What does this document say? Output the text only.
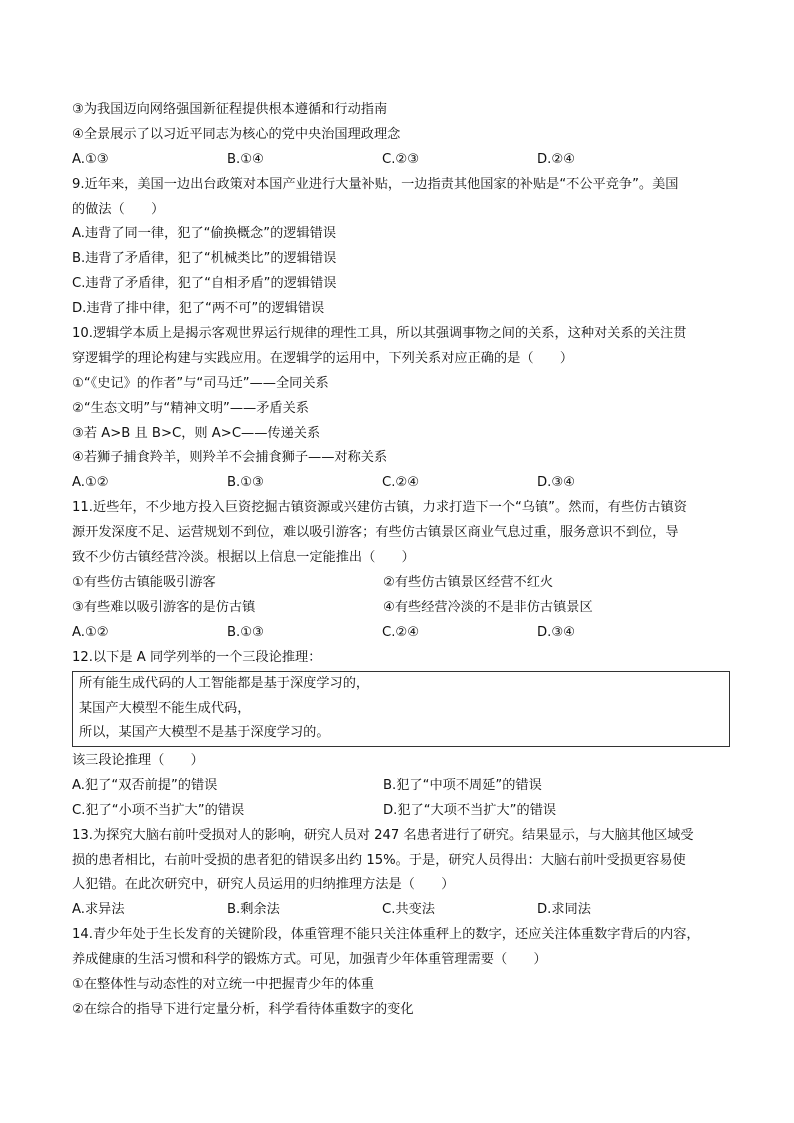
③为我国迈向网络强国新征程提供根本遵循和行动指南
④全景展示了以习近平同志为核心的党中央治国理政理念
A.①③	B.①④	C.②③	D.②④
9.近年来，美国一边出台政策对本国产业进行大量补贴，一边指责其他国家的补贴是“不公平竞争”。美国
的做法（　　）
A.违背了同一律，犯了“偷换概念”的逻辑错误
B.违背了矛盾律，犯了“机械类比”的逻辑错误
C.违背了矛盾律，犯了“自相矛盾”的逻辑错误
D.违背了排中律，犯了“两不可”的逻辑错误
10.逻辑学本质上是揭示客观世界运行规律的理性工具，所以其强调事物之间的关系，这种对关系的关注贯
穿逻辑学的理论构建与实践应用。在逻辑学的运用中，下列关系对应正确的是（　　）
①“《史记》的作者”与“司马迁”——全同关系
②“生态文明”与“精神文明”——矛盾关系
③若 A>B 且 B>C，则 A>C——传递关系
④若狮子捕食羚羊，则羚羊不会捕食狮子——对称关系
A.①②	B.①③	C.②④	D.③④
11.近些年，不少地方投入巨资挖掘古镇资源或兴建仿古镇，力求打造下一个“乌镇”。然而，有些仿古镇资
源开发深度不足、运营规划不到位，难以吸引游客；有些仿古镇景区商业气息过重，服务意识不到位，导
致不少仿古镇经营冷淡。根据以上信息一定能推出（　　）
①有些仿古镇能吸引游客	②有些仿古镇景区经营不红火
③有些难以吸引游客的是仿古镇	④有些经营冷淡的不是非仿古镇景区
A.①②	B.①③	C.②④	D.③④
12.以下是 A 同学列举的一个三段论推理：
所有能生成代码的人工智能都是基于深度学习的，
某国产大模型不能生成代码，
所以，某国产大模型不是基于深度学习的。
该三段论推理（　　）
A.犯了“双否前提”的错误	B.犯了“中项不周延”的错误
C.犯了“小项不当扩大”的错误	D.犯了“大项不当扩大”的错误
13.为探究大脑右前叶受损对人的影响，研究人员对 247 名患者进行了研究。结果显示，与大脑其他区域受
损的患者相比，右前叶受损的患者犯的错误多出约 15%。于是，研究人员得出：大脑右前叶受损更容易使
人犯错。在此次研究中，研究人员运用的归纳推理方法是（　　）
A.求异法	B.剩余法	C.共变法	D.求同法
14.青少年处于生长发育的关键阶段，体重管理不能只关注体重秤上的数字，还应关注体重数字背后的内容，
养成健康的生活习惯和科学的锻炼方式。可见，加强青少年体重管理需要（　　）
①在整体性与动态性的对立统一中把握青少年的体重
②在综合的指导下进行定量分析，科学看待体重数字的变化
